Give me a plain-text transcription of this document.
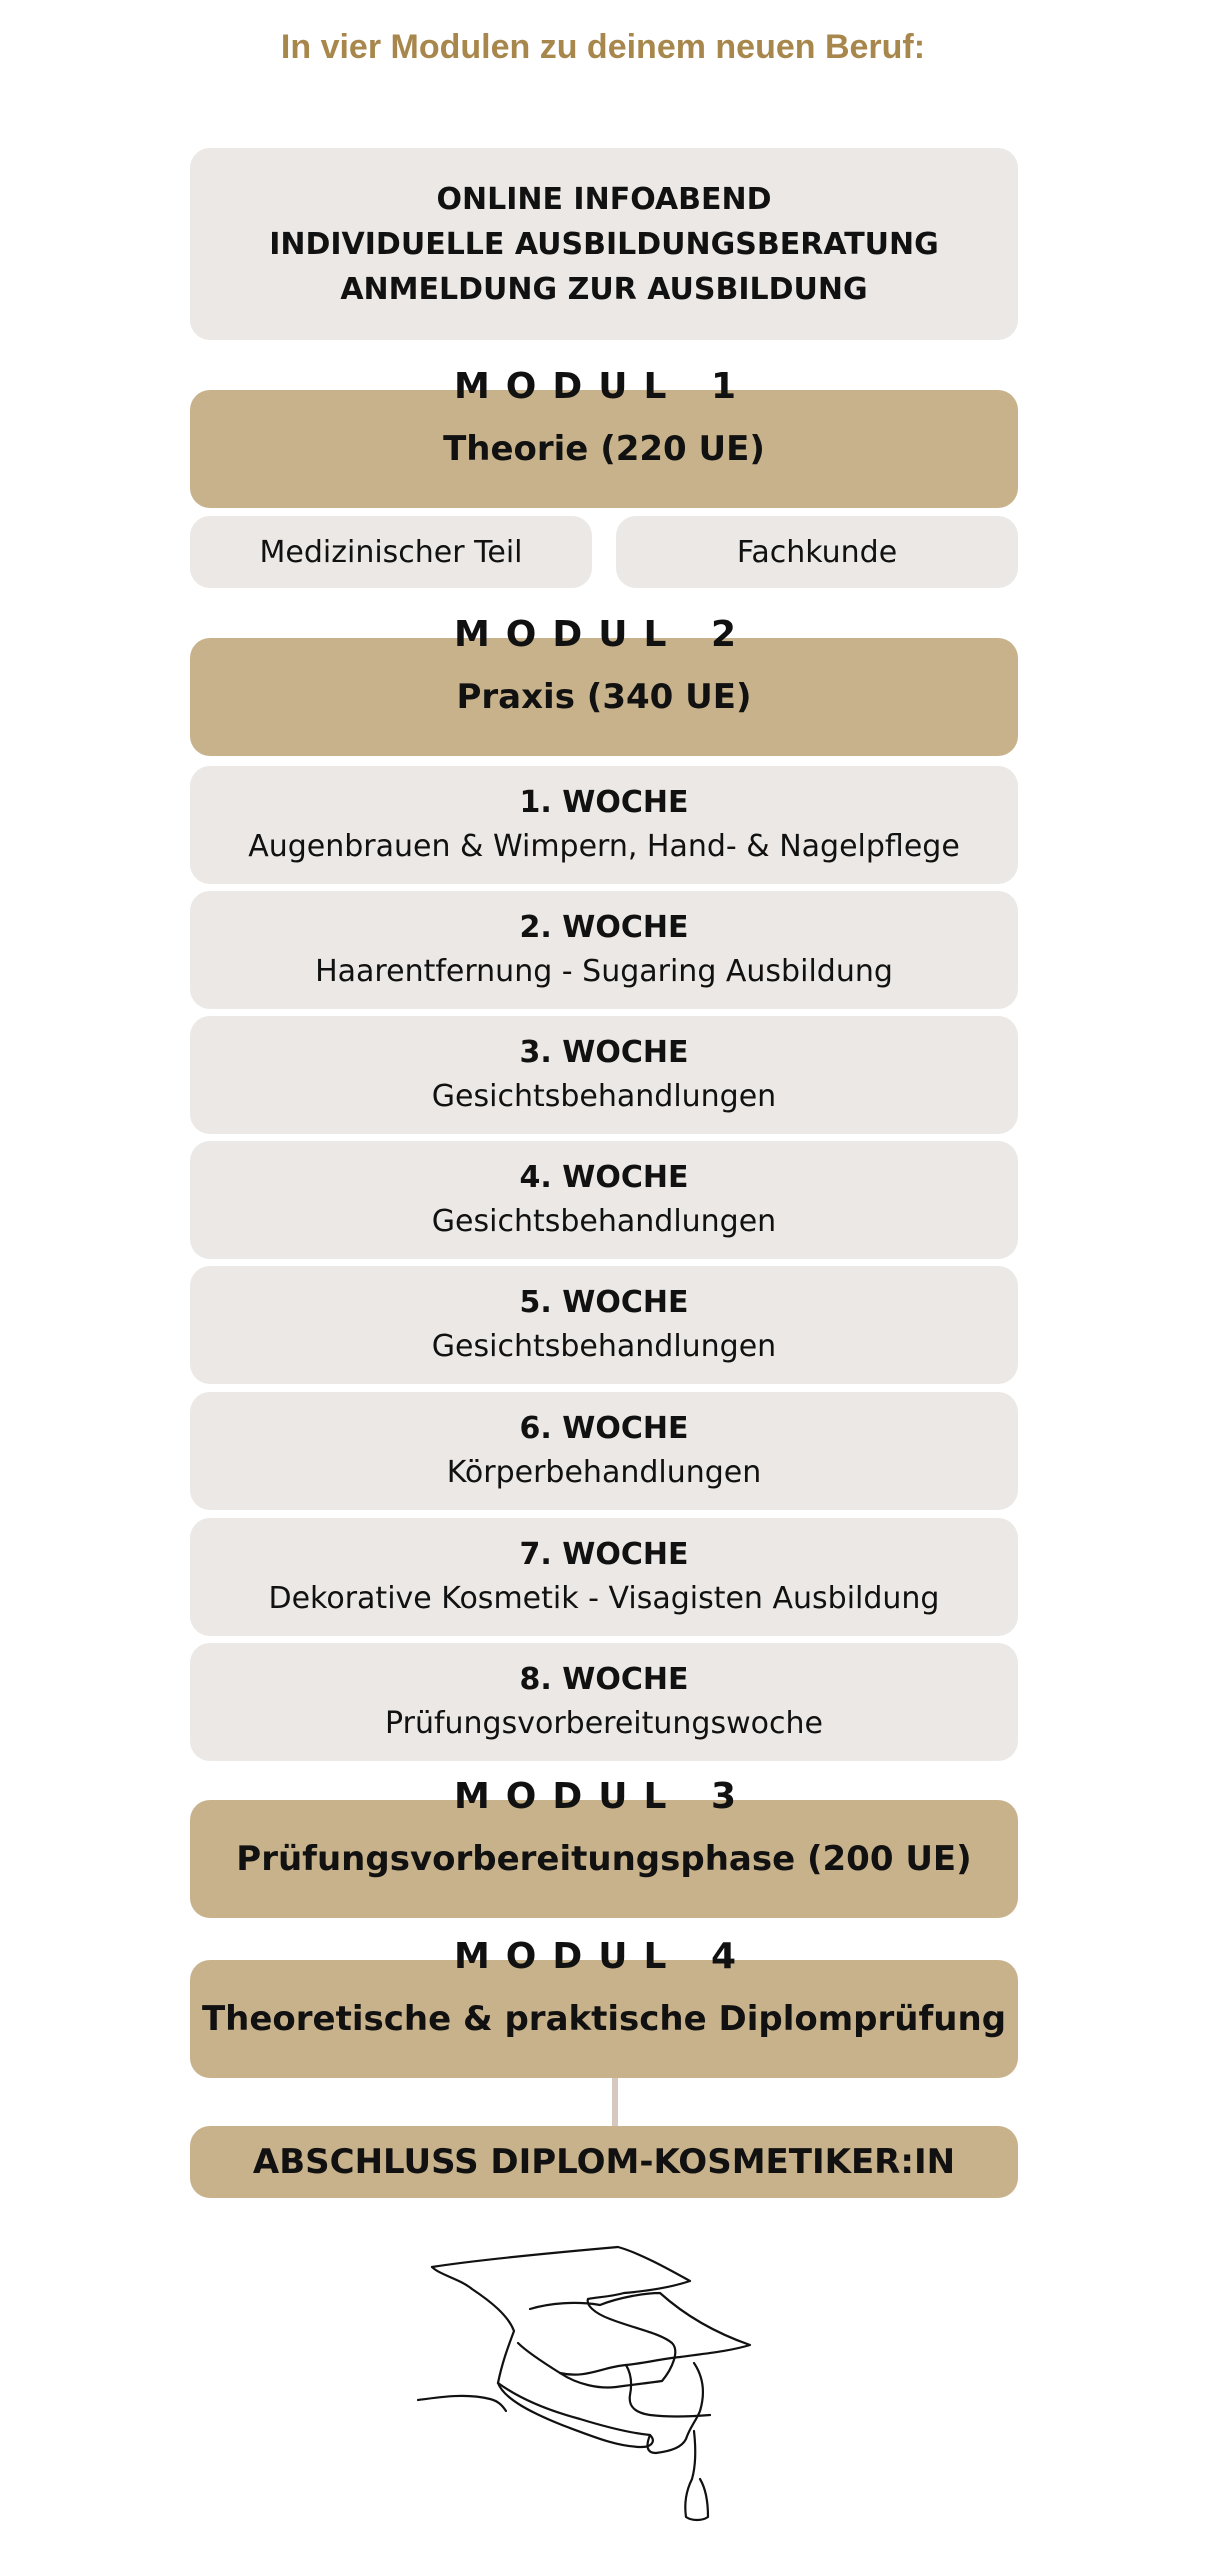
In vier Modulen zu deinem neuen Beruf:
ONLINE INFOABEND
INDIVIDUELLE AUSBILDUNGSBERATUNG
ANMELDUNG ZUR AUSBILDUNG
MODUL 1
Theorie (220 UE)
Medizinischer Teil	Fachkunde
MODUL 2
Praxis (340 UE)
1. WOCHE
Augenbrauen & Wimpern, Hand- & Nagelpflege
2. WOCHE
Haarentfernung - Sugaring Ausbildung
3. WOCHE
Gesichtsbehandlungen
4. WOCHE
Gesichtsbehandlungen
5. WOCHE
Gesichtsbehandlungen
6. WOCHE
Körperbehandlungen
7. WOCHE
Dekorative Kosmetik - Visagisten Ausbildung
8. WOCHE
Prüfungsvorbereitungswoche
MODUL 3
Prüfungsvorbereitungsphase (200 UE)
MODUL 4
Theoretische & praktische Diplomprüfung
ABSCHLUSS DIPLOM-KOSMETIKER:IN
